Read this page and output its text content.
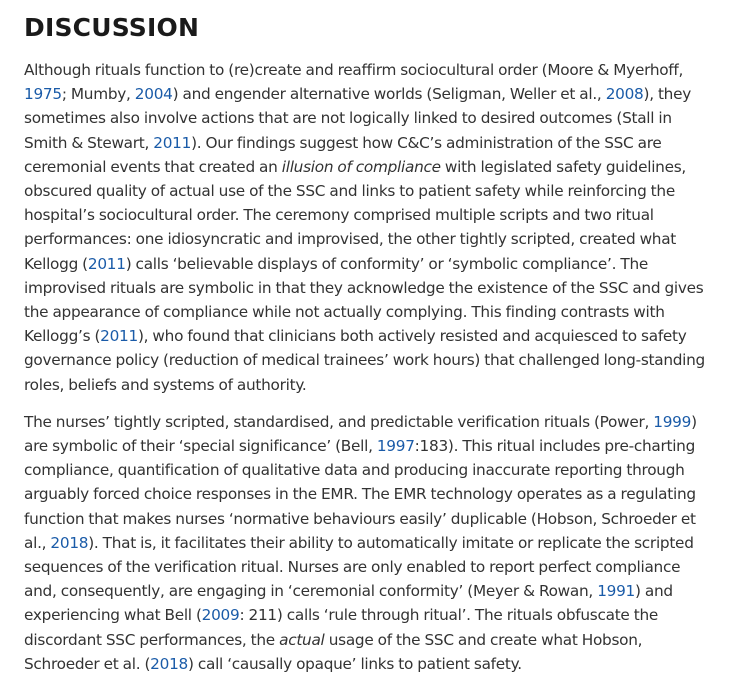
DISCUSSION

Although rituals function to (re)create and reaffirm sociocultural order (Moore & Myerhoff, 1975; Mumby, 2004) and engender alternative worlds (Seligman, Weller et al., 2008), they sometimes also involve actions that are not logically linked to desired outcomes (Stall in Smith & Stewart, 2011). Our findings suggest how C&C’s administration of the SSC are ceremonial events that created an illusion of compliance with legislated safety guidelines, obscured quality of actual use of the SSC and links to patient safety while reinforcing the hospital’s sociocultural order. The ceremony comprised multiple scripts and two ritual performances: one idiosyncratic and improvised, the other tightly scripted, created what Kellogg (2011) calls ‘believable displays of conformity’ or ‘symbolic compliance’. The improvised rituals are symbolic in that they acknowledge the existence of the SSC and gives the appearance of compliance while not actually complying. This finding contrasts with Kellogg’s (2011), who found that clinicians both actively resisted and acquiesced to safety governance policy (reduction of medical trainees’ work hours) that challenged long-standing roles, beliefs and systems of authority.

The nurses’ tightly scripted, standardised, and predictable verification rituals (Power, 1999) are symbolic of their ‘special significance’ (Bell, 1997:183). This ritual includes pre-charting compliance, quantification of qualitative data and producing inaccurate reporting through arguably forced choice responses in the EMR. The EMR technology operates as a regulating function that makes nurses ‘normative behaviours easily’ duplicable (Hobson, Schroeder et al., 2018). That is, it facilitates their ability to automatically imitate or replicate the scripted sequences of the verification ritual. Nurses are only enabled to report perfect compliance and, consequently, are engaging in ‘ceremonial conformity’ (Meyer & Rowan, 1991) and experiencing what Bell (2009: 211) calls ‘rule through ritual’. The rituals obfuscate the discordant SSC performances, the actual usage of the SSC and create what Hobson, Schroeder et al. (2018) call ‘causally opaque’ links to patient safety.
